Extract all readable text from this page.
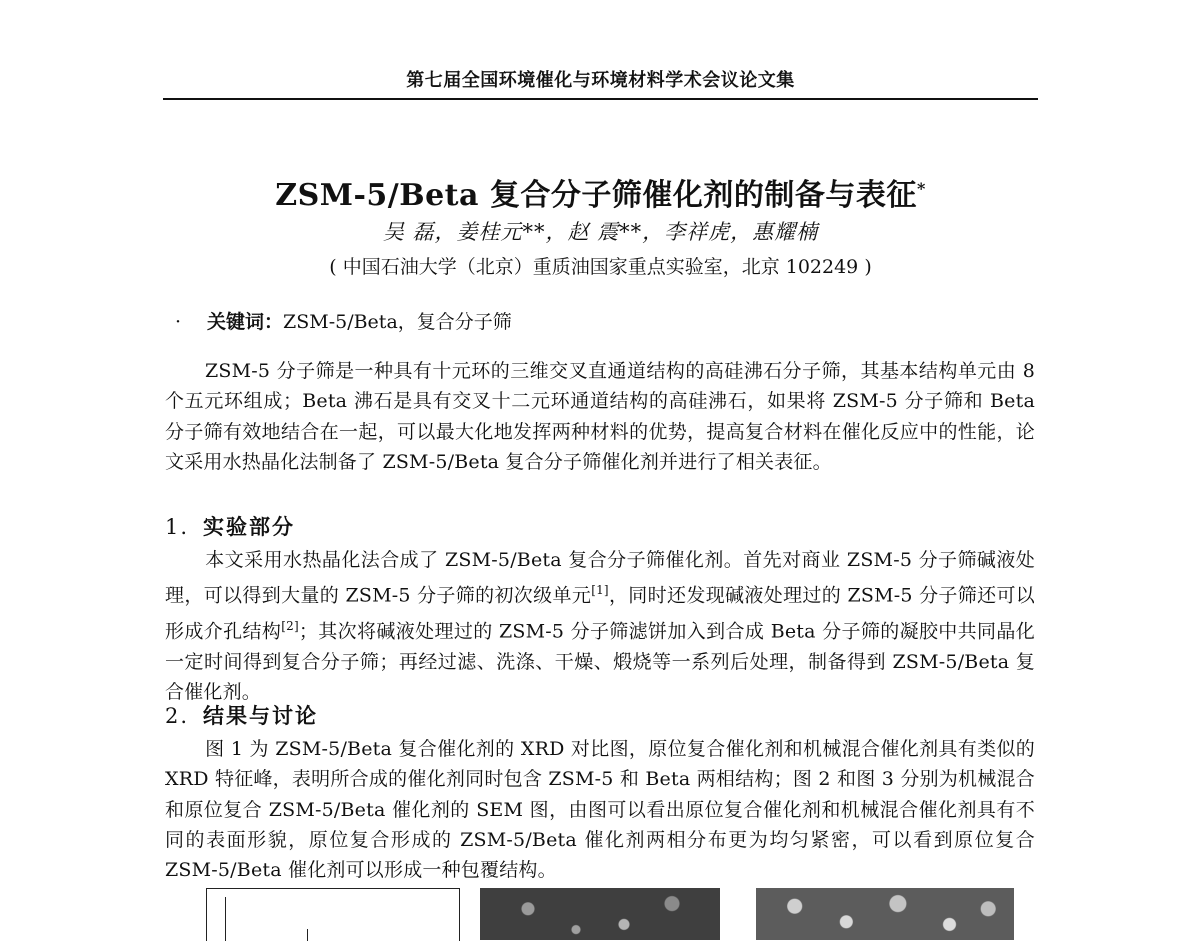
第七届全国环境催化与环境材料学术会议论文集
ZSM-5/Beta 复合分子筛催化剂的制备与表征*
吴 磊，姜桂元**，赵 震**，李祥虎，惠耀楠
( 中国石油大学（北京）重质油国家重点实验室，北京 102249 )
· 关键词：ZSM-5/Beta，复合分子筛
ZSM-5 分子筛是一种具有十元环的三维交叉直通道结构的高硅沸石分子筛，其基本结构单元由 8 个五元环组成；Beta 沸石是具有交叉十二元环通道结构的高硅沸石，如果将 ZSM-5 分子筛和 Beta 分子筛有效地结合在一起，可以最大化地发挥两种材料的优势，提高复合材料在催化反应中的性能，论文采用水热晶化法制备了 ZSM-5/Beta 复合分子筛催化剂并进行了相关表征。
1. 实验部分
本文采用水热晶化法合成了 ZSM-5/Beta 复合分子筛催化剂。首先对商业 ZSM-5 分子筛碱液处理，可以得到大量的 ZSM-5 分子筛的初次级单元[1]，同时还发现碱液处理过的 ZSM-5 分子筛还可以形成介孔结构[2]；其次将碱液处理过的 ZSM-5 分子筛滤饼加入到合成 Beta 分子筛的凝胶中共同晶化一定时间得到复合分子筛；再经过滤、洗涤、干燥、煅烧等一系列后处理，制备得到 ZSM-5/Beta 复合催化剂。
2. 结果与讨论
图 1 为 ZSM-5/Beta 复合催化剂的 XRD 对比图，原位复合催化剂和机械混合催化剂具有类似的 XRD 特征峰，表明所合成的催化剂同时包含 ZSM-5 和 Beta 两相结构；图 2 和图 3 分别为机械混合和原位复合 ZSM-5/Beta 催化剂的 SEM 图，由图可以看出原位复合催化剂和机械混合催化剂具有不同的表面形貌，原位复合形成的 ZSM-5/Beta 催化剂两相分布更为均匀紧密，可以看到原位复合 ZSM-5/Beta 催化剂可以形成一种包覆结构。
